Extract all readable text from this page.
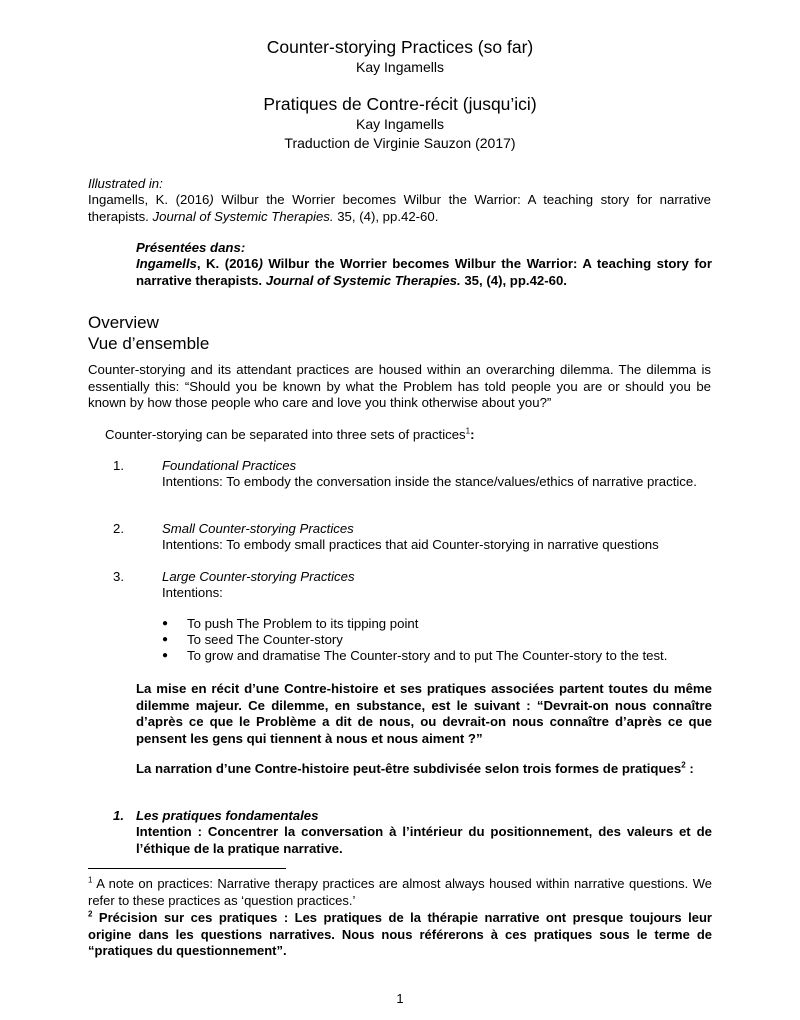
Counter-storying Practices (so far)
Kay Ingamells
Pratiques de Contre-récit (jusqu’ici)
Kay Ingamells
Traduction de Virginie Sauzon (2017)
Illustrated in:
Ingamells, K. (2016) Wilbur the Worrier becomes Wilbur the Warrior: A teaching story for narrative therapists. Journal of Systemic Therapies. 35, (4), pp.42-60.
Présentées dans:
Ingamells, K. (2016) Wilbur the Worrier becomes Wilbur the Warrior: A teaching story for narrative therapists. Journal of Systemic Therapies. 35, (4), pp.42-60.
Overview
Vue d’ensemble
Counter-storying and its attendant practices are housed within an overarching dilemma. The dilemma is essentially this: “Should you be known by what the Problem has told people you are or should you be known by how those people who care and love you think otherwise about you?”
Counter-storying can be separated into three sets of practices$^1$:
1.	Foundational Practices
Intentions: To embody the conversation inside the stance/values/ethics of narrative practice.
2.	Small Counter-storying Practices
Intentions: To embody small practices that aid Counter-storying in narrative questions
3.	Large Counter-storying Practices
Intentions:
● To push The Problem to its tipping point
● To seed The Counter-story
● To grow and dramatise The Counter-story and to put The Counter-story to the test.
La mise en récit d’une Contre-histoire et ses pratiques associées partent toutes du même dilemme majeur. Ce dilemme, en substance, est le suivant : “Devrait-on nous connaître d’après ce que le Problème a dit de nous, ou devrait-on nous connaître d’après ce que pensent les gens qui tiennent à nous et nous aiment ?”
La narration d’une Contre-histoire peut-être subdivisée selon trois formes de pratiques$^2$ :
1. Les pratiques fondamentales
Intention : Concentrer la conversation à l’intérieur du positionnement, des valeurs et de l’éthique de la pratique narrative.
$^1$ A note on practices: Narrative therapy practices are almost always housed within narrative questions. We refer to these practices as ‘question practices.’
$^2$ Précision sur ces pratiques : Les pratiques de la thérapie narrative ont presque toujours leur origine dans les questions narratives. Nous nous référerons à ces pratiques sous le terme de “pratiques du questionnement”.
1
